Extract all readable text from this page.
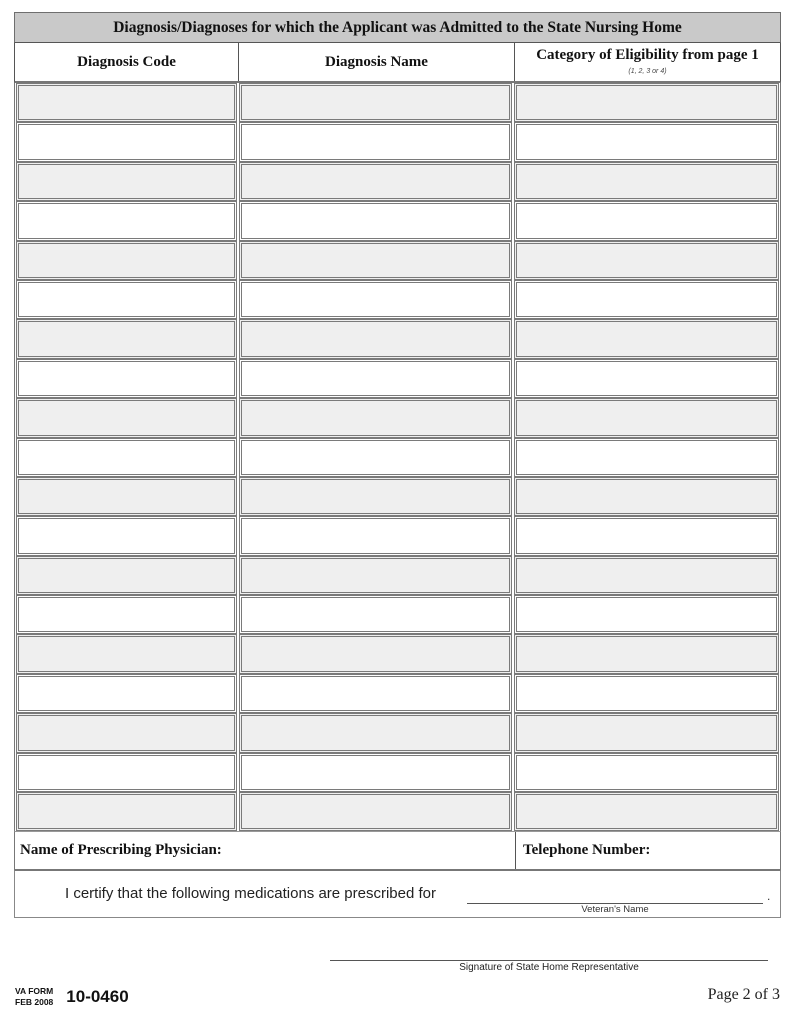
Diagnosis/Diagnoses for which the Applicant was Admitted to the State Nursing Home
Diagnosis Code	Diagnosis Name	Category of Eligibility from page 1
(1, 2, 3 or 4)
Name of Prescribing Physician:	Telephone Number:
I certify that the following medications are prescribed for
Veteran's Name
.
Signature of State Home Representative
VA FORM
FEB 2008 10-0460	Page 2 of 3
